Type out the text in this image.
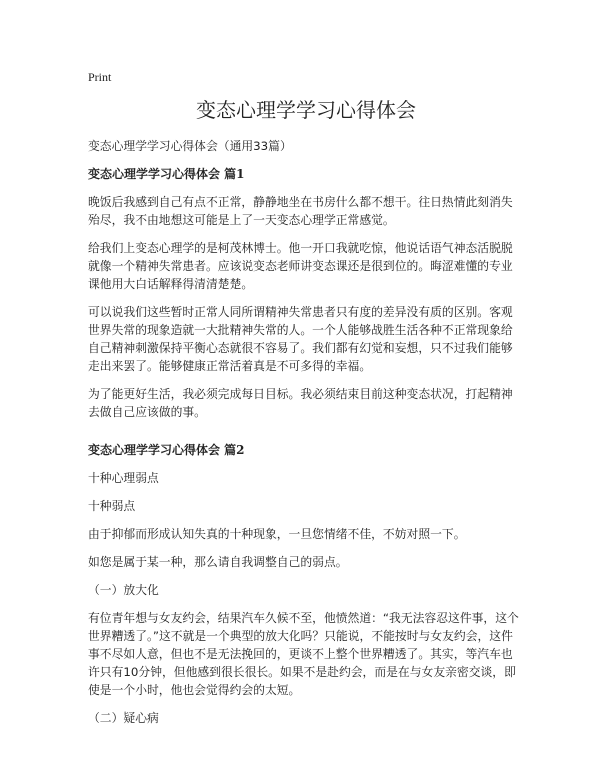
Print
变态心理学学习心得体会

变态心理学学习心得体会（通用33篇）

变态心理学学习心得体会 篇1

晚饭后我感到自己有点不正常，静静地坐在书房什么都不想干。往日热情此刻消失殆尽，我不由地想这可能是上了一天变态心理学正常感觉。

给我们上变态心理学的是柯茂林博士。他一开口我就吃惊，他说话语气神态活脱脱就像一个精神失常患者。应该说变态老师讲变态课还是很到位的。晦涩难懂的专业课他用大白话解释得清清楚楚。

可以说我们这些暂时正常人同所谓精神失常患者只有度的差异没有质的区别。客观世界失常的现象造就一大批精神失常的人。一个人能够战胜生活各种不正常现象给自己精神刺激保持平衡心态就很不容易了。我们都有幻觉和妄想，只不过我们能够走出来罢了。能够健康正常活着真是不可多得的幸福。

为了能更好生活，我必须完成每日目标。我必须结束目前这种变态状况，打起精神去做自己应该做的事。

变态心理学学习心得体会 篇2

十种心理弱点

十种弱点

由于抑郁而形成认知失真的十种现象，一旦您情绪不佳，不妨对照一下。

如您是属于某一种，那么请自我调整自己的弱点。

（一）放大化

有位青年想与女友约会，结果汽车久候不至，他愤然道：“我无法容忍这件事，这个世界糟透了。”这不就是一个典型的放大化吗？只能说，不能按时与女友约会，这件事不尽如人意，但也不是无法挽回的，更谈不上整个世界糟透了。其实，等汽车也许只有10分钟，但他感到很长很长。如果不是赴约会，而是在与女友亲密交谈，即使是一个小时，他也会觉得约会的太短。

（二）疑心病
